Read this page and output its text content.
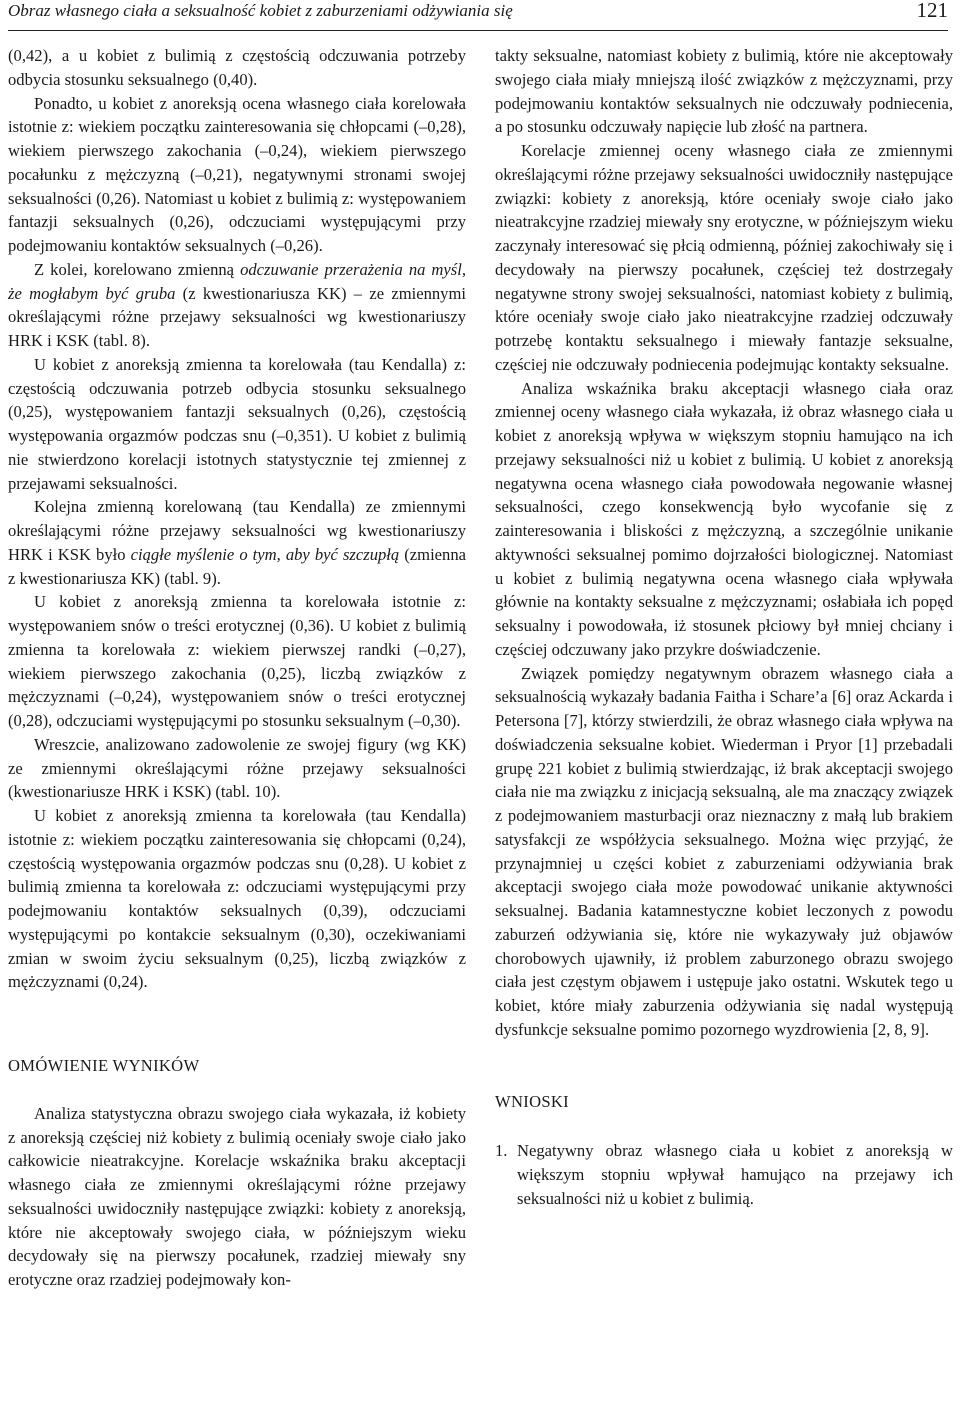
Obraz własnego ciała a seksualność kobiet z zaburzeniami odżywiania się	121

(0,42), a u kobiet z bulimią z częstością odczuwania potrzeby odbycia stosunku seksualnego (0,40).

Ponadto, u kobiet z anoreksją ocena własnego ciała korelowała istotnie z: wiekiem początku zainteresowania się chłopcami (–0,28), wiekiem pierwszego zakochania (–0,24), wiekiem pierwszego pocałunku z mężczyzną (–0,21), negatywnymi stronami swojej seksualności (0,26). Natomiast u kobiet z bulimią z: występowaniem fantazji seksualnych (0,26), odczuciami występującymi przy podejmowaniu kontaktów seksualnych (–0,26).

Z kolei, korelowano zmienną odczuwanie przerażenia na myśl, że mogłabym być gruba (z kwestionariusza KK) – ze zmiennymi określającymi różne przejawy seksualności wg kwestionariuszy HRK i KSK (tabl. 8).

U kobiet z anoreksją zmienna ta korelowała (tau Kendalla) z: częstością odczuwania potrzeb odbycia stosunku seksualnego (0,25), występowaniem fantazji seksualnych (0,26), częstością występowania orgazmów podczas snu (–0,351). U kobiet z bulimią nie stwierdzono korelacji istotnych statystycznie tej zmiennej z przejawami seksualności.

Kolejna zmienną korelowaną (tau Kendalla) ze zmiennymi określającymi różne przejawy seksualności wg kwestionariuszy HRK i KSK było ciągłe myślenie o tym, aby być szczupłą (zmienna z kwestionariusza KK) (tabl. 9).

U kobiet z anoreksją zmienna ta korelowała istotnie z: występowaniem snów o treści erotycznej (0,36). U kobiet z bulimią zmienna ta korelowała z: wiekiem pierwszej randki (–0,27), wiekiem pierwszego zakochania (0,25), liczbą związków z mężczyznami (–0,24), występowaniem snów o treści erotycznej (0,28), odczuciami występującymi po stosunku seksualnym (–0,30).

Wreszcie, analizowano zadowolenie ze swojej figury (wg KK) ze zmiennymi określającymi różne przejawy seksualności (kwestionariusze HRK i KSK) (tabl. 10).

U kobiet z anoreksją zmienna ta korelowała (tau Kendalla) istotnie z: wiekiem początku zainteresowania się chłopcami (0,24), częstością występowania orgazmów podczas snu (0,28). U kobiet z bulimią zmienna ta korelowała z: odczuciami występującymi przy podejmowaniu kontaktów seksualnych (0,39), odczuciami występującymi po kontakcie seksualnym (0,30), oczekiwaniami zmian w swoim życiu seksualnym (0,25), liczbą związków z mężczyznami (0,24).

OMÓWIENIE WYNIKÓW

Analiza statystyczna obrazu swojego ciała wykazała, iż kobiety z anoreksją częściej niż kobiety z bulimią oceniały swoje ciało jako całkowicie nieatrakcyjne. Korelacje wskaźnika braku akceptacji własnego ciała ze zmiennymi określającymi różne przejawy seksualności uwidoczniły następujące związki: kobiety z anoreksją, które nie akceptowały swojego ciała, w późniejszym wieku decydowały się na pierwszy pocałunek, rzadziej miewały sny erotyczne oraz rzadziej podejmowały kon-

takty seksualne, natomiast kobiety z bulimią, które nie akceptowały swojego ciała miały mniejszą ilość związków z mężczyznami, przy podejmowaniu kontaktów seksualnych nie odczuwały podniecenia, a po stosunku odczuwały napięcie lub złość na partnera.

Korelacje zmiennej oceny własnego ciała ze zmiennymi określającymi różne przejawy seksualności uwidoczniły następujące związki: kobiety z anoreksją, które oceniały swoje ciało jako nieatrakcyjne rzadziej miewały sny erotyczne, w późniejszym wieku zaczynały interesować się płcią odmienną, później zakochiwały się i decydowały na pierwszy pocałunek, częściej też dostrzegały negatywne strony swojej seksualności, natomiast kobiety z bulimią, które oceniały swoje ciało jako nieatrakcyjne rzadziej odczuwały potrzebę kontaktu seksualnego i miewały fantazje seksualne, częściej nie odczuwały podniecenia podejmując kontakty seksualne.

Analiza wskaźnika braku akceptacji własnego ciała oraz zmiennej oceny własnego ciała wykazała, iż obraz własnego ciała u kobiet z anoreksją wpływa w większym stopniu hamująco na ich przejawy seksualności niż u kobiet z bulimią. U kobiet z anoreksją negatywna ocena własnego ciała powodowała negowanie własnej seksualności, czego konsekwencją było wycofanie się z zainteresowania i bliskości z mężczyzną, a szczególnie unikanie aktywności seksualnej pomimo dojrzałości biologicznej. Natomiast u kobiet z bulimią negatywna ocena własnego ciała wpływała głównie na kontakty seksualne z mężczyznami; osłabiała ich popęd seksualny i powodowała, iż stosunek płciowy był mniej chciany i częściej odczuwany jako przykre doświadczenie.

Związek pomiędzy negatywnym obrazem własnego ciała a seksualnością wykazały badania Faitha i Schare’a [6] oraz Ackarda i Petersona [7], którzy stwierdzili, że obraz własnego ciała wpływa na doświadczenia seksualne kobiet. Wiederman i Pryor [1] przebadali grupę 221 kobiet z bulimią stwierdzając, iż brak akceptacji swojego ciała nie ma związku z inicjacją seksualną, ale ma znaczący związek z podejmowaniem masturbacji oraz nieznaczny z małą lub brakiem satysfakcji ze współżycia seksualnego. Można więc przyjąć, że przynajmniej u części kobiet z zaburzeniami odżywiania brak akceptacji swojego ciała może powodować unikanie aktywności seksualnej. Badania katamnestyczne kobiet leczonych z powodu zaburzeń odżywiania się, które nie wykazywały już objawów chorobowych ujawniły, iż problem zaburzonego obrazu swojego ciała jest częstym objawem i ustępuje jako ostatni. Wskutek tego u kobiet, które miały zaburzenia odżywiania się nadal występują dysfunkcje seksualne pomimo pozornego wyzdrowienia [2, 8, 9].

WNIOSKI

1. Negatywny obraz własnego ciała u kobiet z anoreksją w większym stopniu wpływał hamująco na przejawy ich seksualności niż u kobiet z bulimią.
